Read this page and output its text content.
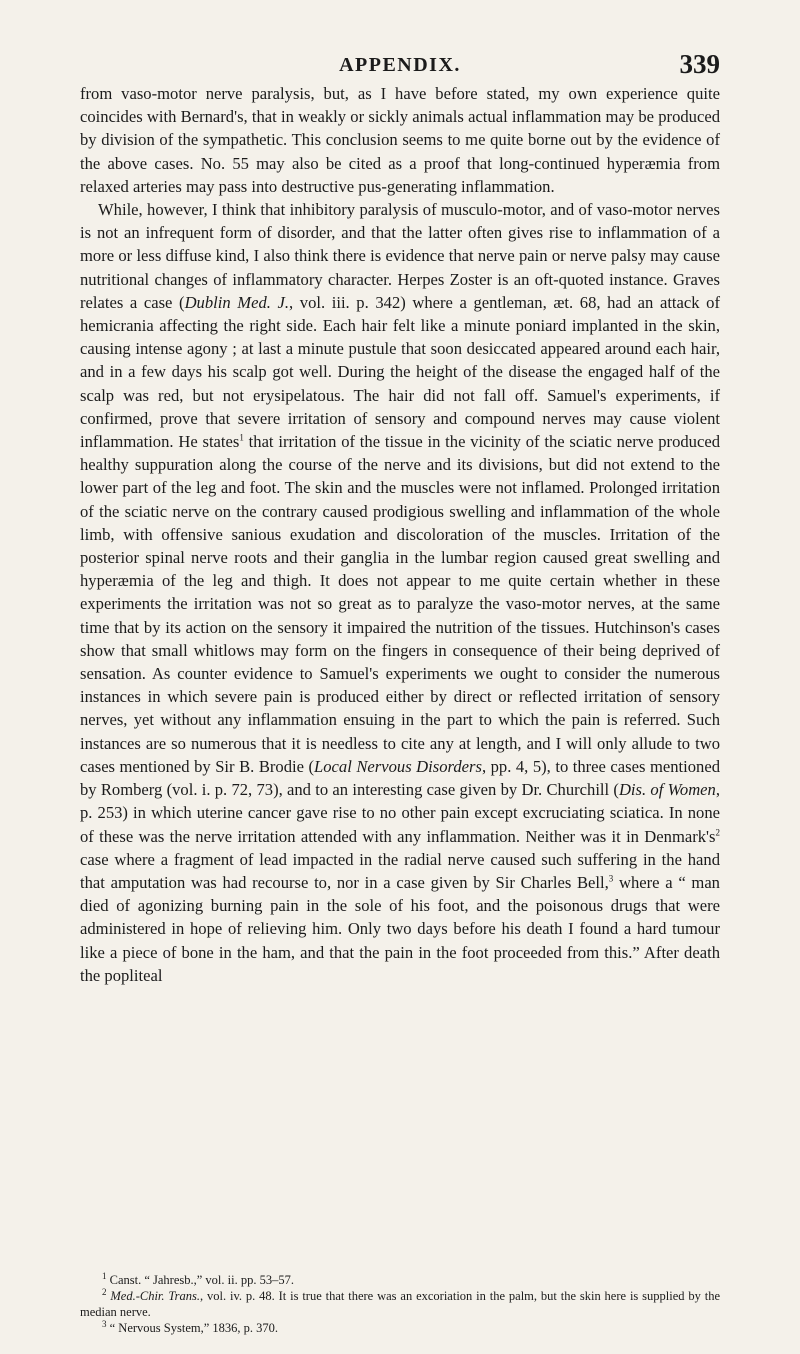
APPENDIX.	339

from vaso-motor nerve paralysis, but, as I have before stated, my own experience quite coincides with Bernard's, that in weakly or sickly animals actual inflammation may be produced by division of the sympathetic. This conclusion seems to me quite borne out by the evidence of the above cases. No. 55 may also be cited as a proof that long-continued hyperæmia from relaxed arteries may pass into destructive pus-generating inflammation.

While, however, I think that inhibitory paralysis of musculo-motor, and of vaso-motor nerves is not an infrequent form of disorder, and that the latter often gives rise to inflammation of a more or less diffuse kind, I also think there is evidence that nerve pain or nerve palsy may cause nutritional changes of inflammatory character. Herpes Zoster is an oft-quoted instance. Graves relates a case (Dublin Med. J., vol. iii. p. 342) where a gentleman, æt. 68, had an attack of hemicrania affecting the right side. Each hair felt like a minute poniard implanted in the skin, causing intense agony ; at last a minute pustule that soon desiccated appeared around each hair, and in a few days his scalp got well. During the height of the disease the engaged half of the scalp was red, but not erysipelatous. The hair did not fall off. Samuel's experiments, if confirmed, prove that severe irritation of sensory and compound nerves may cause violent inflammation. He states$^1$ that irritation of the tissue in the vicinity of the sciatic nerve produced healthy suppuration along the course of the nerve and its divisions, but did not extend to the lower part of the leg and foot. The skin and the muscles were not inflamed. Prolonged irritation of the sciatic nerve on the contrary caused prodigious swelling and inflammation of the whole limb, with offensive sanious exudation and discoloration of the muscles. Irritation of the posterior spinal nerve roots and their ganglia in the lumbar region caused great swelling and hyperæmia of the leg and thigh. It does not appear to me quite certain whether in these experiments the irritation was not so great as to paralyze the vaso-motor nerves, at the same time that by its action on the sensory it impaired the nutrition of the tissues. Hutchinson's cases show that small whitlows may form on the fingers in consequence of their being deprived of sensation. As counter evidence to Samuel's experiments we ought to consider the numerous instances in which severe pain is produced either by direct or reflected irritation of sensory nerves, yet without any inflammation ensuing in the part to which the pain is referred. Such instances are so numerous that it is needless to cite any at length, and I will only allude to two cases mentioned by Sir B. Brodie (Local Nervous Disorders, pp. 4, 5), to three cases mentioned by Romberg (vol. i. p. 72, 73), and to an interesting case given by Dr. Churchill (Dis. of Women, p. 253) in which uterine cancer gave rise to no other pain except excruciating sciatica. In none of these was the nerve irritation attended with any inflammation. Neither was it in $Denmark's^2$ case where a fragment of lead impacted in the radial nerve caused such suffering in the hand that amputation was had recourse to, nor in a case given by Sir Charles Bell,$^3$ where a “ man died of agonizing burning pain in the sole of his foot, and the poisonous drugs that were administered in hope of relieving him. Only two days before his death I found a hard tumour like a piece of bone in the ham, and that the pain in the foot proceeded from this.” After death the popliteal

$^1$ Canst. “ Jahresb.,” vol. ii. pp. 53–57.

$^2$ Med.-Chir. Trans., vol. iv. p. 48. It is true that there was an excoriation in the palm, but the skin here is supplied by the median nerve.

$^3$ “ Nervous System,” 1836, p. 370.
